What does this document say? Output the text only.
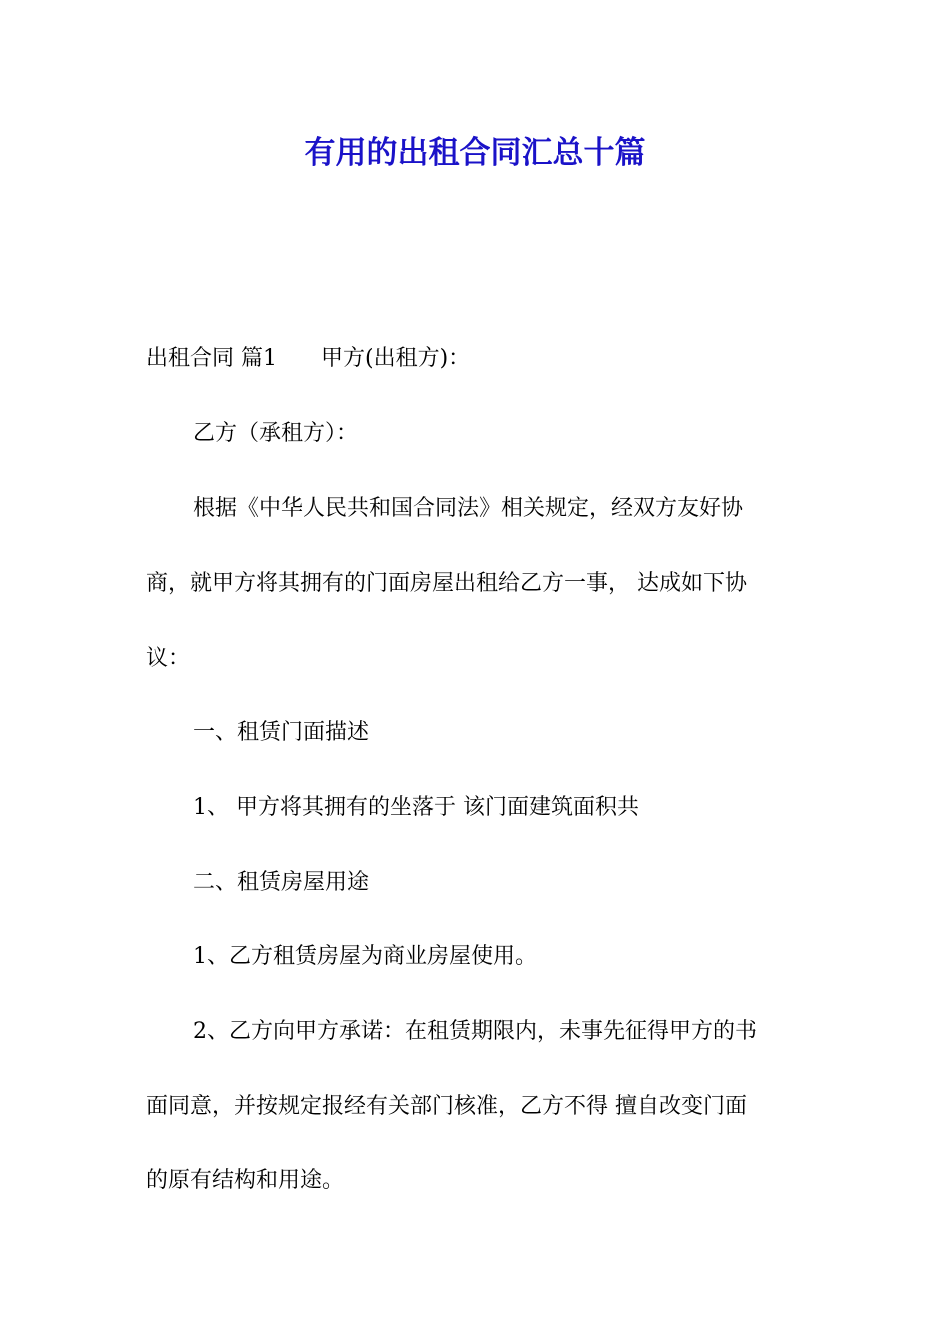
有用的出租合同汇总十篇
出租合同 篇1　　甲方(出租方)：
乙方（承租方）：
根据《中华人民共和国合同法》相关规定，经双方友好协
商，就甲方将其拥有的门面房屋出租给乙方一事， 达成如下协
议：
一、租赁门面描述
1、 甲方将其拥有的坐落于 该门面建筑面积共
二、租赁房屋用途
1、乙方租赁房屋为商业房屋使用。
2、乙方向甲方承诺：在租赁期限内，未事先征得甲方的书
面同意，并按规定报经有关部门核准，乙方不得 擅自改变门面
的原有结构和用途。
